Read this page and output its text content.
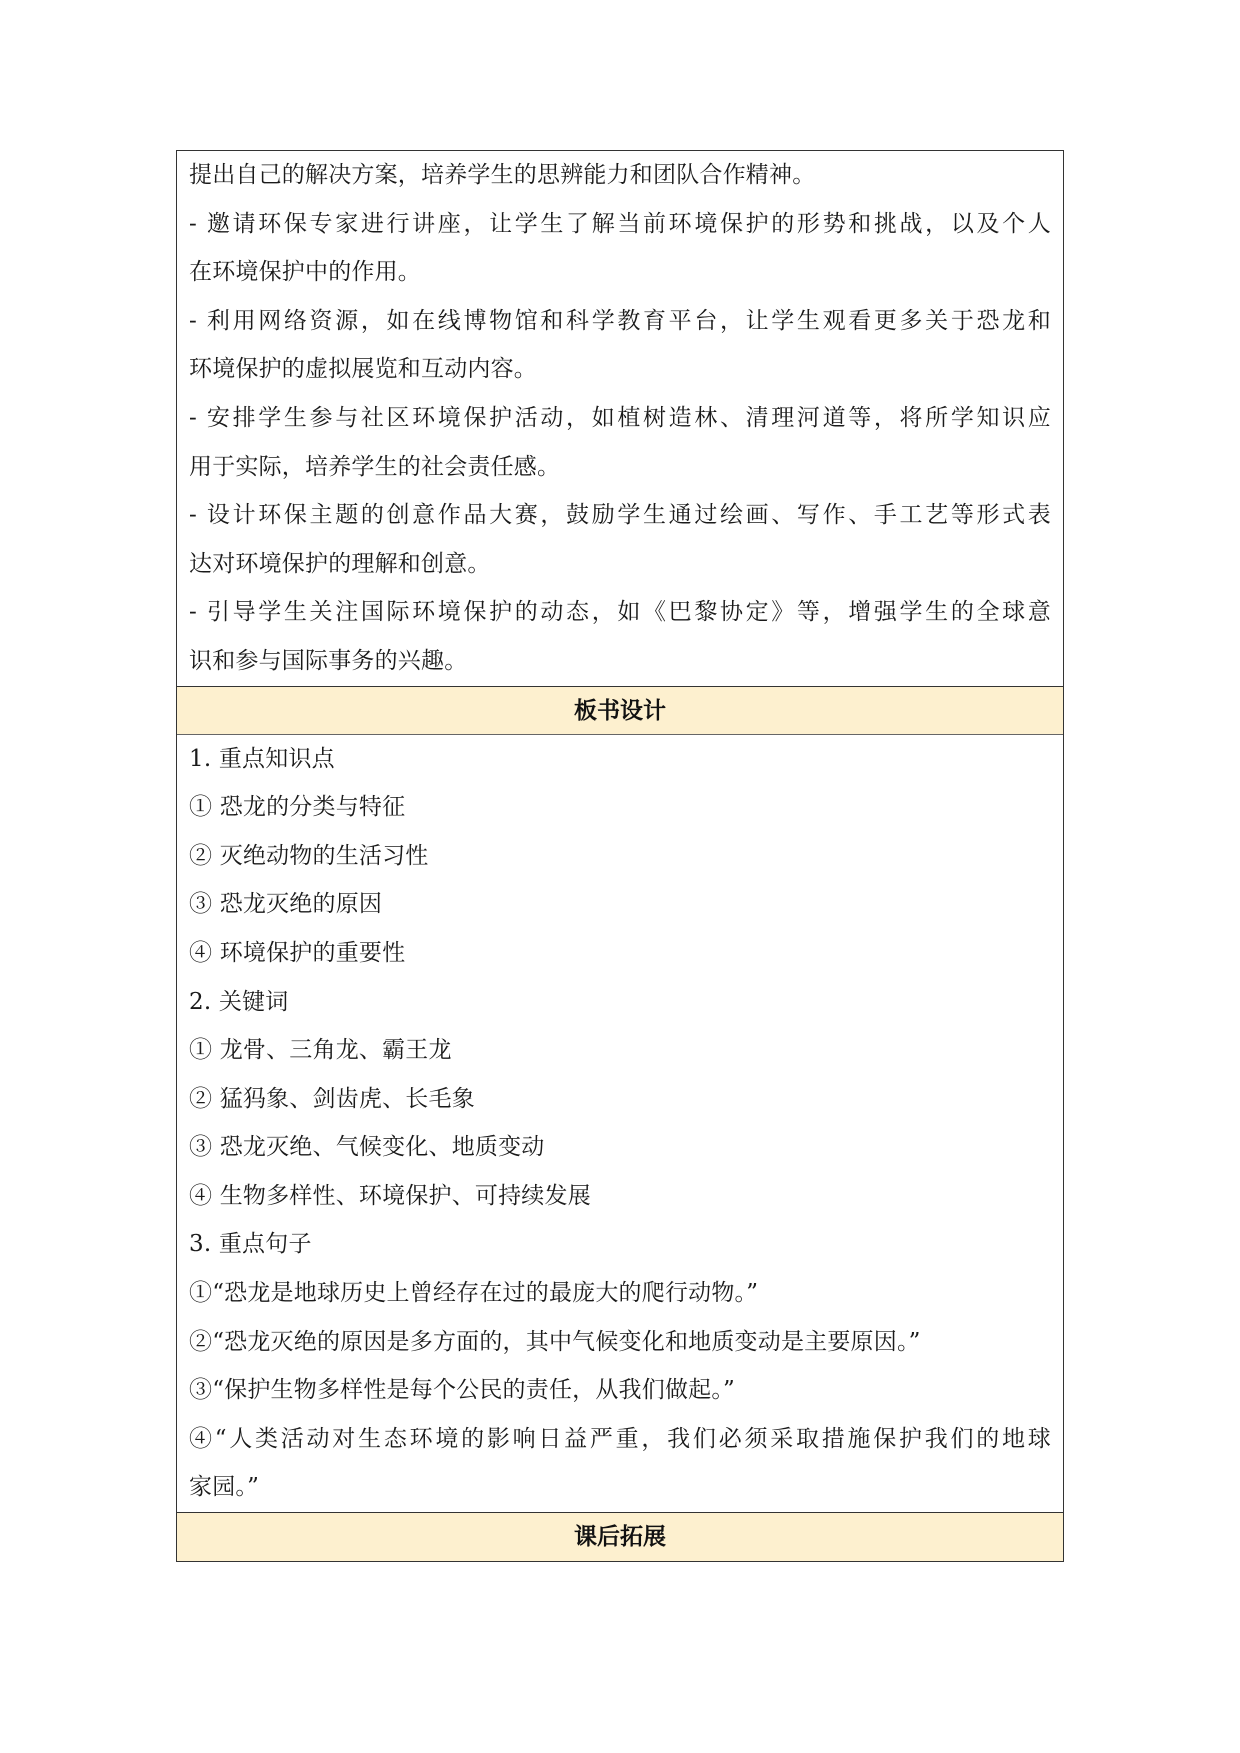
提出自己的解决方案，培养学生的思辨能力和团队合作精神。
- 邀请环保专家进行讲座，让学生了解当前环境保护的形势和挑战，以及个人
在环境保护中的作用。
- 利用网络资源，如在线博物馆和科学教育平台，让学生观看更多关于恐龙和
环境保护的虚拟展览和互动内容。
- 安排学生参与社区环境保护活动，如植树造林、清理河道等，将所学知识应
用于实际，培养学生的社会责任感。
- 设计环保主题的创意作品大赛，鼓励学生通过绘画、写作、手工艺等形式表
达对环境保护的理解和创意。
- 引导学生关注国际环境保护的动态，如《巴黎协定》等，增强学生的全球意
识和参与国际事务的兴趣。
板书设计
1. 重点知识点
① 恐龙的分类与特征
② 灭绝动物的生活习性
③ 恐龙灭绝的原因
④ 环境保护的重要性
2. 关键词
① 龙骨、三角龙、霸王龙
② 猛犸象、剑齿虎、长毛象
③ 恐龙灭绝、气候变化、地质变动
④ 生物多样性、环境保护、可持续发展
3. 重点句子
①“恐龙是地球历史上曾经存在过的最庞大的爬行动物。”
②“恐龙灭绝的原因是多方面的，其中气候变化和地质变动是主要原因。”
③“保护生物多样性是每个公民的责任，从我们做起。”
④“人类活动对生态环境的影响日益严重，我们必须采取措施保护我们的地球
家园。”
课后拓展
